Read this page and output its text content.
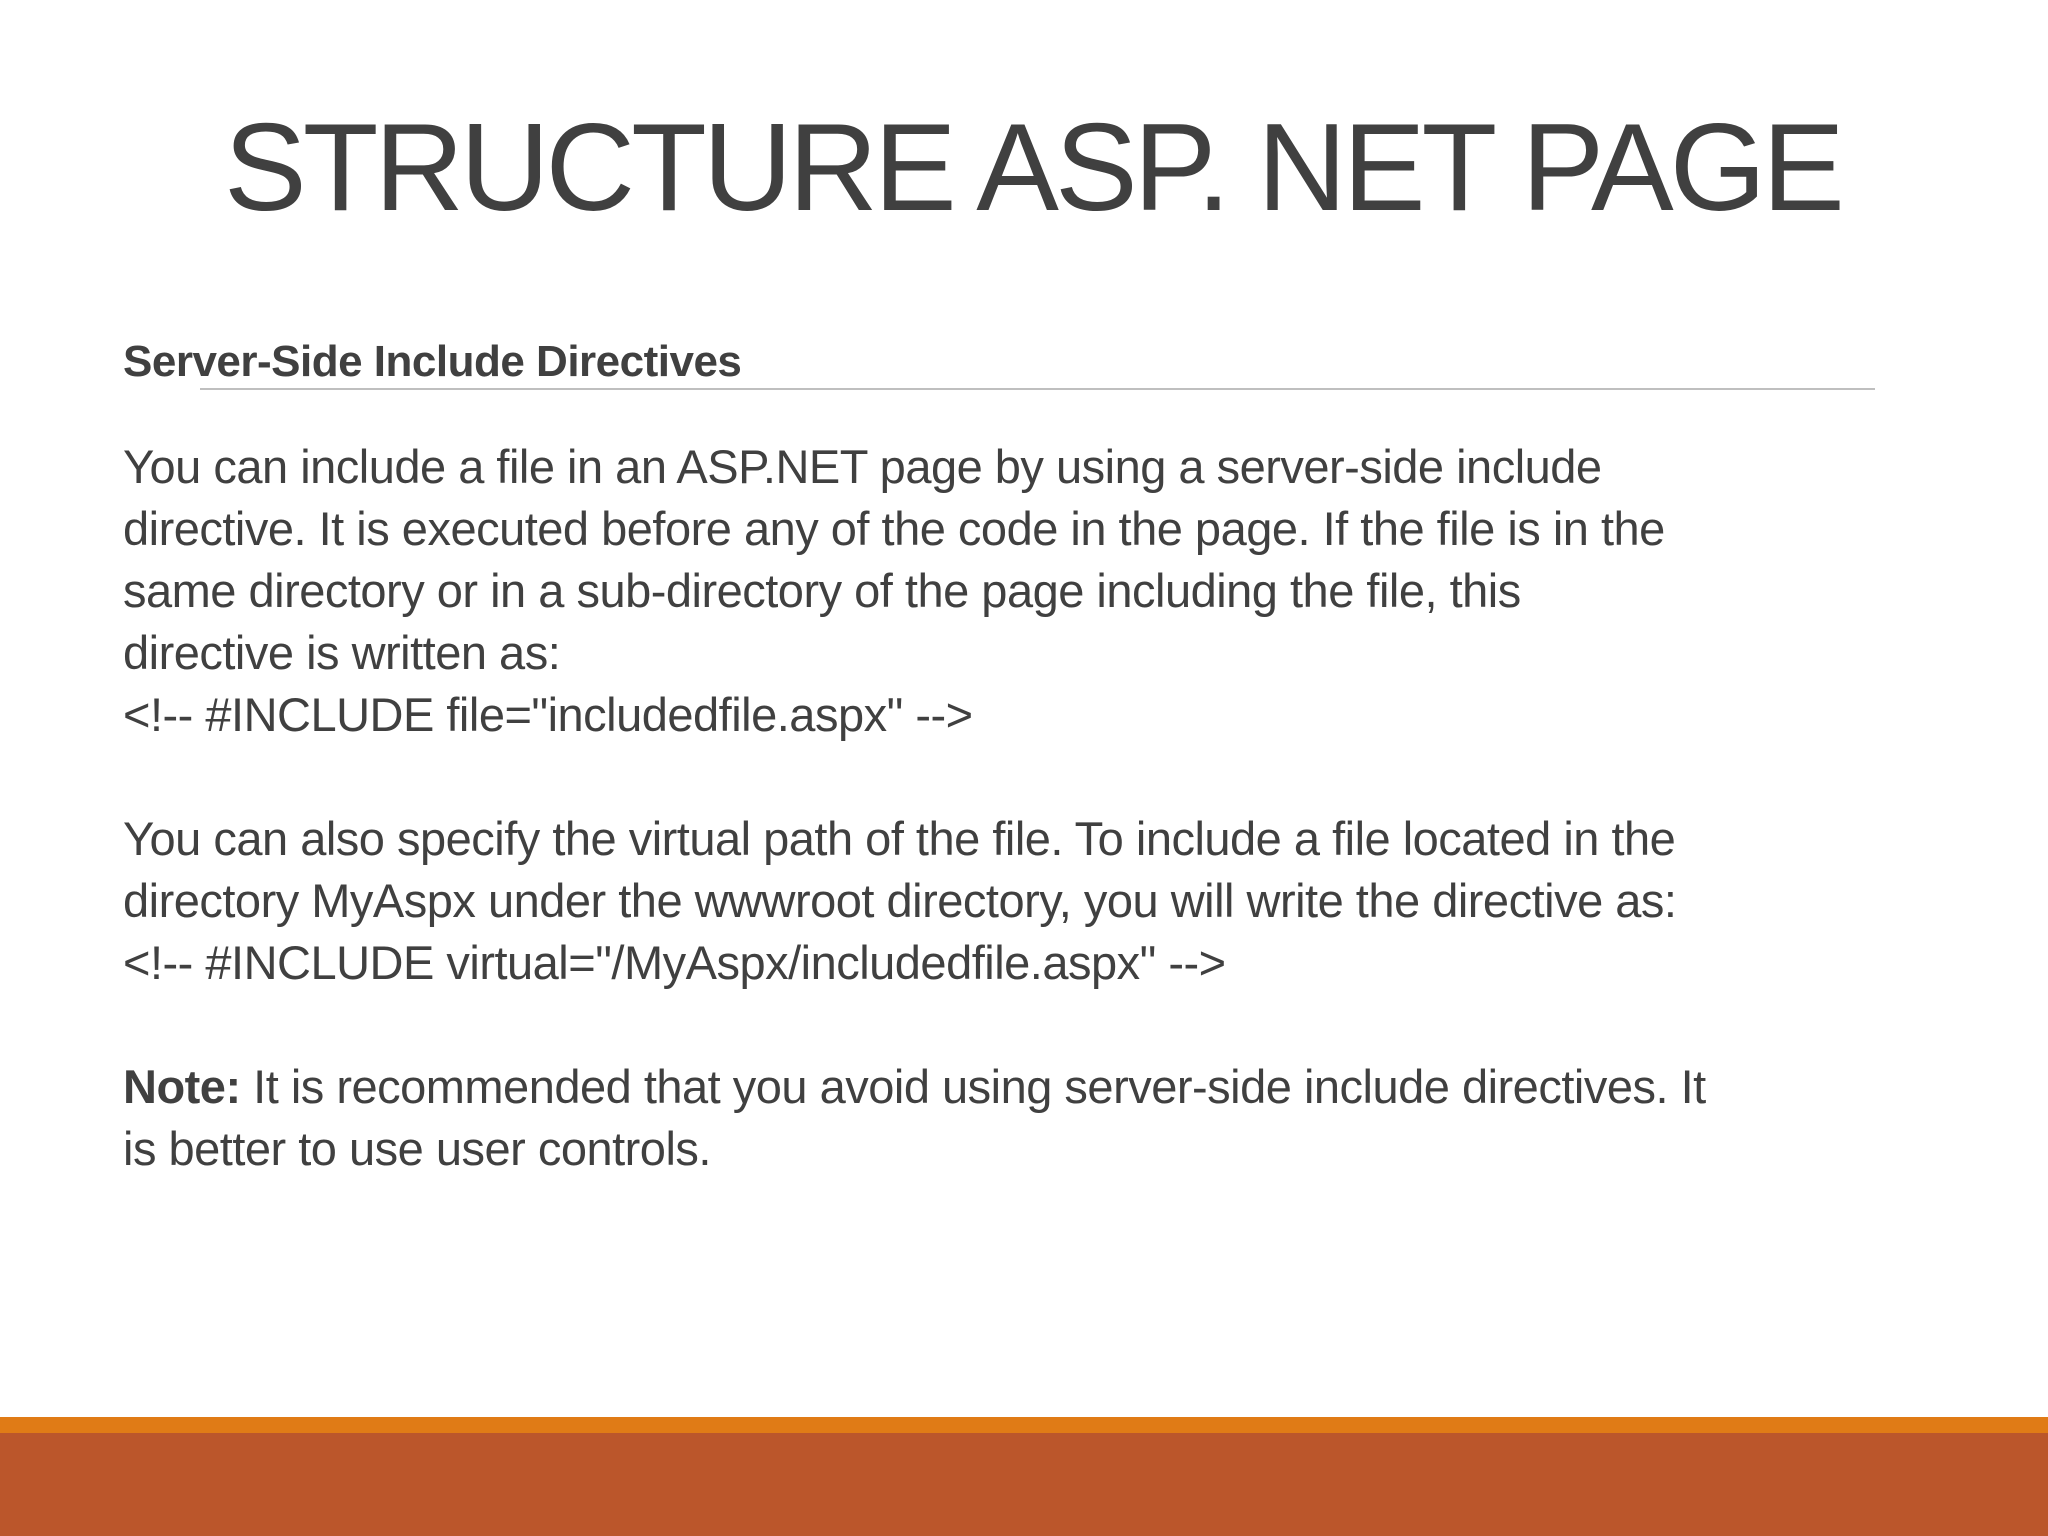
STRUCTURE ASP. NET PAGE
Server-Side Include Directives
You can include a file in an ASP.NET page by using a server-side include
directive. It is executed before any of the code in the page. If the file is in the
same directory or in a sub-directory of the page including the file, this
directive is written as:
<!-- #INCLUDE file="includedfile.aspx" -->
You can also specify the virtual path of the file. To include a file located in the
directory MyAspx under the wwwroot directory, you will write the directive as:
<!-- #INCLUDE virtual="/MyAspx/includedfile.aspx" -->
Note: It is recommended that you avoid using server-side include directives. It
is better to use user controls.
